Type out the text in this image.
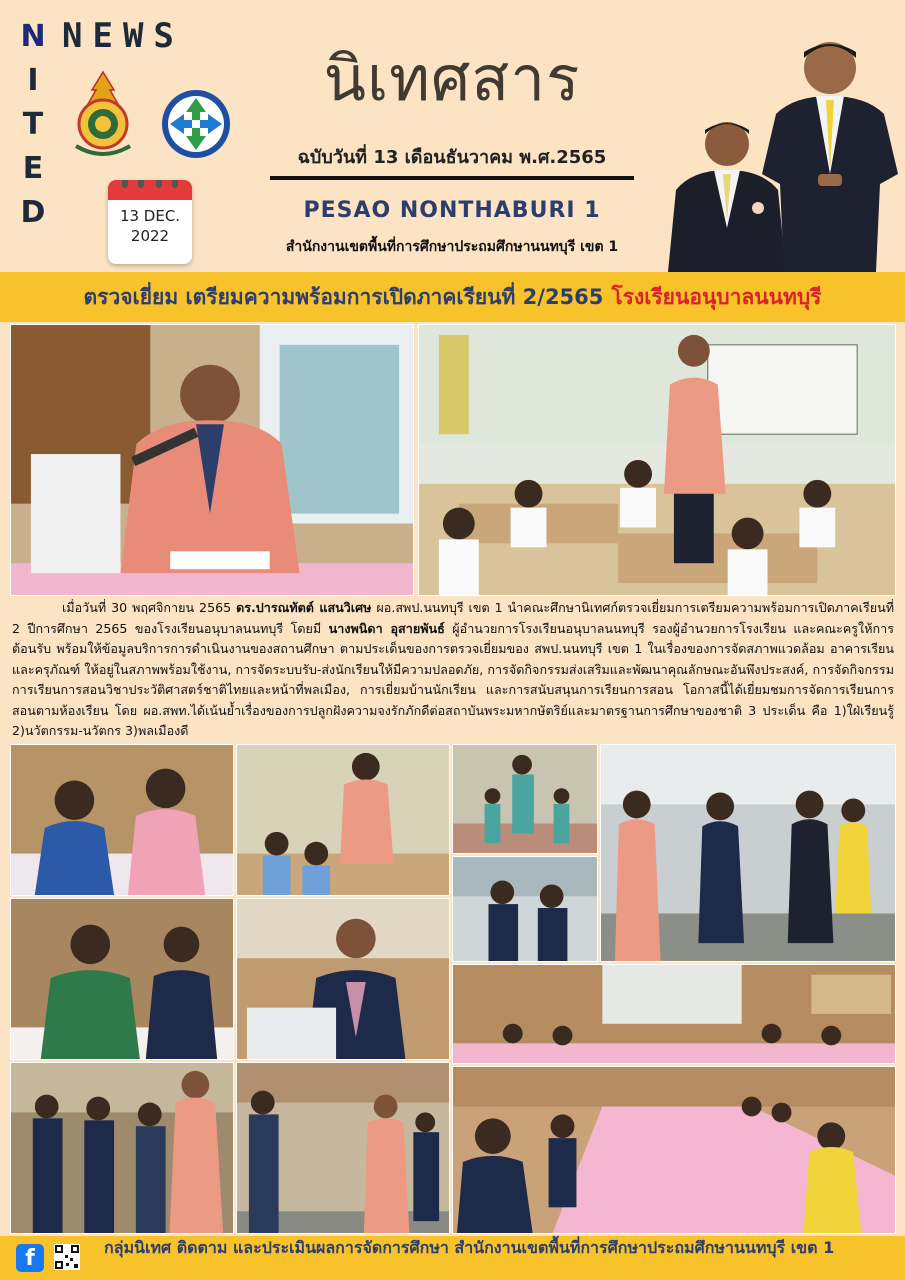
N
I
T
E
D
NEWS
13 DEC.
2022
นิเทศสาร
ฉบับวันที่ 13 เดือนธันวาคม พ.ศ.2565
PESAO NONTHABURI 1
สำนักงานเขตพื้นที่การศึกษาประถมศึกษานนทบุรี เขต 1
ตรวจเยี่ยม เตรียมความพร้อมการเปิดภาคเรียนที่ 2/2565 โรงเรียนอนุบาลนนทบุรี
เมื่อวันที่ 30 พฤศจิกายน 2565 ดร.ปารณทัตต์ แสนวิเศษ ผอ.สพป.นนทบุรี เขต 1 นำคณะศึกษานิเทศก์ตรวจเยี่ยมการเตรียมความพร้อมการเปิดภาคเรียนที่ 2 ปีการศึกษา 2565 ของโรงเรียนอนุบาลนนทบุรี โดยมี นางพนิดา อุสายพันธ์ ผู้อำนวยการโรงเรียนอนุบาลนนทบุรี รองผู้อำนวยการโรงเรียน และคณะครูให้การต้อนรับ พร้อมให้ข้อมูลบริการการดำเนินงานของสถานศึกษา ตามประเด็นของการตรวจเยี่ยมของ สพป.นนทบุรี เขต 1 ในเรื่องของการจัดสภาพแวดล้อม อาคารเรียน และครุภัณฑ์ ให้อยู่ในสภาพพร้อมใช้งาน, การจัดระบบรับ-ส่งนักเรียนให้มีความปลอดภัย, การจัดกิจกรรมส่งเสริมและพัฒนาคุณลักษณะอันพึงประสงค์, การจัดกิจกรรมการเรียนการสอนวิชาประวัติศาสตร์ชาติไทยและหน้าที่พลเมือง, การเยี่ยมบ้านนักเรียน และการสนับสนุนการเรียนการสอน โอกาสนี้ได้เยี่ยมชมการจัดการเรียนการสอนตามห้องเรียน โดย ผอ.สพท.ได้เน้นย้ำเรื่องของการปลูกฝังความจงรักภักดีต่อสถาบันพระมหากษัตริย์และมาตรฐานการศึกษาของชาติ 3 ประเด็น คือ 1)ใฝ่เรียนรู้ 2)นวัตกรรม-นวัตกร 3)พลเมืองดี
f	กลุ่มนิเทศ ติดตาม และประเมินผลการจัดการศึกษา สำนักงานเขตพื้นที่การศึกษาประถมศึกษานนทบุรี เขต 1
